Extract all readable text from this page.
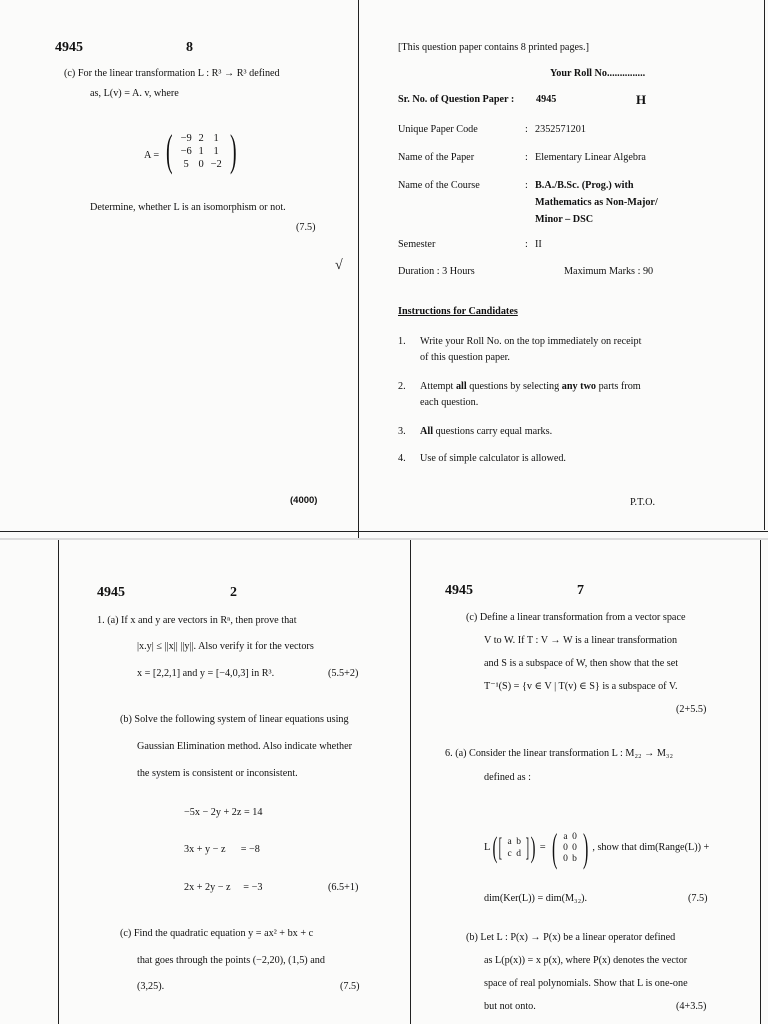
4945	8
(c) For the linear transformation L : R³ → R³ defined
as, L(v) = A. v, where
A = ( −9 2 1
−6 1 1
5 0 −2 )
Determine, whether L is an isomorphism or not.
(7.5)
√
(4000)
[This question paper contains 8 printed pages.]
Your Roll No...............
Sr. No. of Question Paper : 4945	H
Unique Paper Code	: 2352571201
Name of the Paper	: Elementary Linear Algebra
Name of the Course	: B.A./B.Sc. (Prog.) with
Mathematics as Non-Major/
Minor – DSC
Semester	: II
Duration : 3 Hours	Maximum Marks : 90
Instructions for Candidates
1. Write your Roll No. on the top immediately on receipt
of this question paper.
2. Attempt all questions by selecting any two parts from
each question.
3. All questions carry equal marks.
4. Use of simple calculator is allowed.
P.T.O.
4945	2
1. (a) If x and y are vectors in Rⁿ, then prove that
|x.y| ≤ ||x|| ||y||. Also verify it for the vectors
x = [2,2,1] and y = [−4,0,3] in R³.	(5.5+2)
(b) Solve the following system of linear equations using
Gaussian Elimination method. Also indicate whether
the system is consistent or inconsistent.
−5x − 2y + 2z = 14
3x + y − z      = −8
2x + 2y − z     = −3	(6.5+1)
(c) Find the quadratic equation y = ax² + bx + c
that goes through the points (−2,20), (1,5) and
(3,25).	(7.5)
4945	7
(c) Define a linear transformation from a vector space
V to W. If T : V → W is a linear transformation
and S is a subspace of W, then show that the set
T⁻¹(S) = {v ∈ V | T(v) ∈ S} is a subspace of V.
(2+5.5)
6. (a) Consider the linear transformation L : M₂₂ → M₃₂
defined as :
L ( [ a b
c d ] ) = ( a 0
0 0
0 b ) , show that dim(Range(L)) +
dim(Ker(L)) = dim(M₃₂).	(7.5)
(b) Let L : P(x) → P(x) be a linear operator defined
as L(p(x)) = x p(x), where P(x) denotes the vector
space of real polynomials. Show that L is one-one
but not onto.	(4+3.5)
